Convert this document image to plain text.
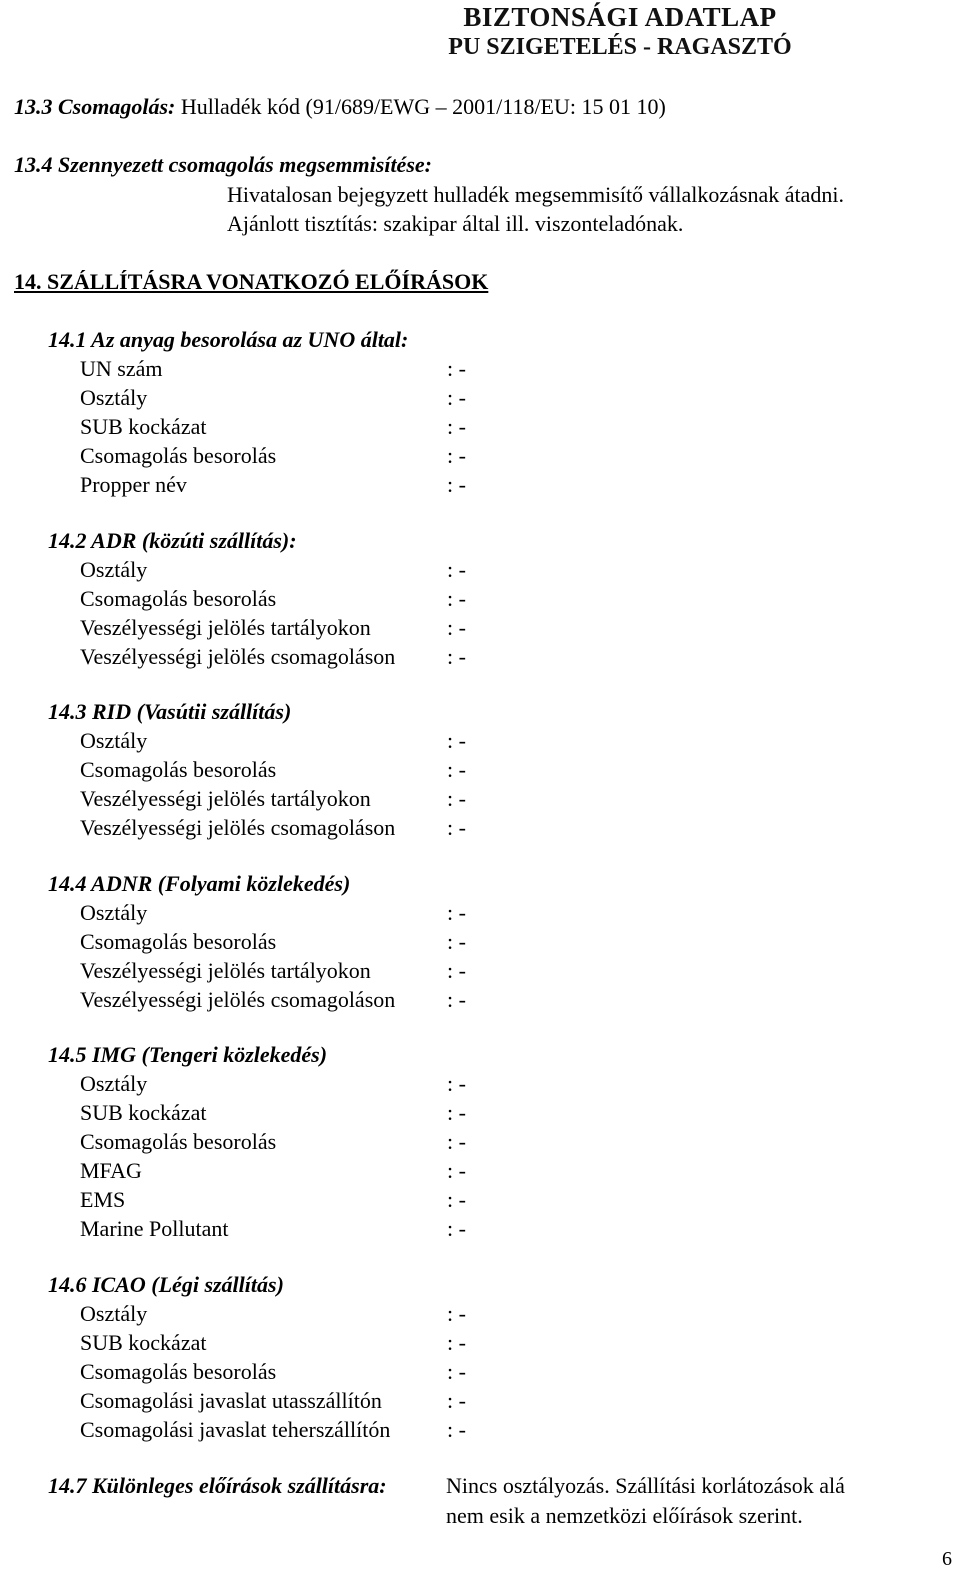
BIZTONSÁGI ADATLAP
PU SZIGETELÉS - RAGASZTÓ
13.3 Csomagolás: Hulladék kód (91/689/EWG – 2001/118/EU: 15 01 10)
13.4 Szennyezett csomagolás megsemmisítése:
Hivatalosan bejegyzett hulladék megsemmisítő vállalkozásnak átadni.
Ajánlott tisztítás: szakipar által ill. viszonteladónak.
14. SZÁLLÍTÁSRA VONATKOZÓ ELŐÍRÁSOK
14.1 Az anyag besorolása az UNO által:
UN szám	: -
Osztály	: -
SUB kockázat	: -
Csomagolás besorolás	: -
Propper név	: -
14.2 ADR (közúti szállítás):
Osztály	: -
Csomagolás besorolás	: -
Veszélyességi jelölés tartályokon	: -
Veszélyességi jelölés csomagoláson : -
14.3 RID (Vasútii szállítás)
Osztály	: -
Csomagolás besorolás	: -
Veszélyességi jelölés tartályokon	: -
Veszélyességi jelölés csomagoláson : -
14.4 ADNR (Folyami közlekedés)
Osztály	: -
Csomagolás besorolás	: -
Veszélyességi jelölés tartályokon	: -
Veszélyességi jelölés csomagoláson : -
14.5 IMG (Tengeri közlekedés)
Osztály	: -
SUB kockázat	: -
Csomagolás besorolás	: -
MFAG	: -
EMS	: -
Marine Pollutant	: -
14.6 ICAO (Légi szállítás)
Osztály	: -
SUB kockázat	: -
Csomagolás besorolás	: -
Csomagolási javaslat utasszállítón	: -
Csomagolási javaslat teherszállítón	: -
14.7 Különleges előírások szállításra:	Nincs osztályozás. Szállítási korlátozások alá
nem esik a nemzetközi előírások szerint.
6
